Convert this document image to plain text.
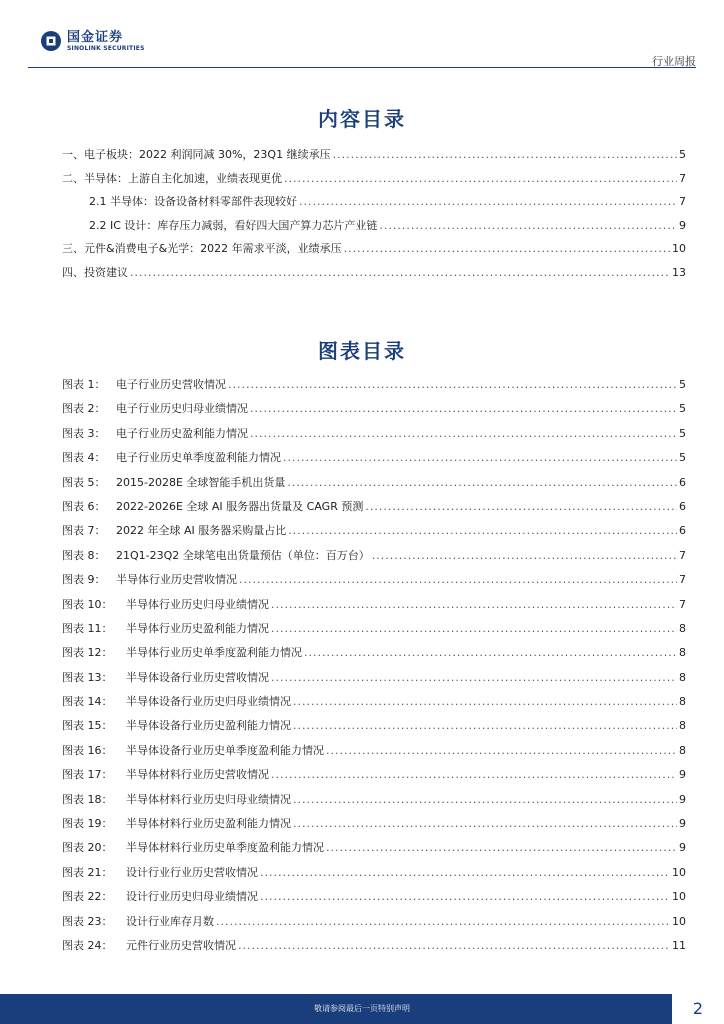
国金证券
SINOLINK SECURITIES
行业周报
内容目录
一、电子板块：2022 利润同减 30%，23Q1 继续承压 .....	5
二、半导体：上游自主化加速，业绩表现更优 .....	7
2.1 半导体：设备设备材料零部件表现较好 .....	7
2.2 IC 设计：库存压力减弱，看好四大国产算力芯片产业链 .....	9
三、元件&消费电子&光学：2022 年需求平淡，业绩承压 .....	10
四、投资建议 .....	13
图表目录
图表 1： 电子行业历史营收情况 .....	5
图表 2： 电子行业历史归母业绩情况 .....	5
图表 3： 电子行业历史盈利能力情况 .....	5
图表 4： 电子行业历史单季度盈利能力情况 .....	5
图表 5： 2015-2028E 全球智能手机出货量 .....	6
图表 6： 2022-2026E 全球 AI 服务器出货量及 CAGR 预测 .....	6
图表 7： 2022 年全球 AI 服务器采购量占比 .....	6
图表 8： 21Q1-23Q2 全球笔电出货量预估（单位：百万台） .....	7
图表 9： 半导体行业历史营收情况 .....	7
图表 10：	半导体行业历史归母业绩情况 .....	7
图表 11：	半导体行业历史盈利能力情况 .....	8
图表 12：	半导体行业历史单季度盈利能力情况 .....	8
图表 13：	半导体设备行业历史营收情况 .....	8
图表 14：	半导体设备行业历史归母业绩情况 .....	8
图表 15：	半导体设备行业历史盈利能力情况 .....	8
图表 16：	半导体设备行业历史单季度盈利能力情况 .....	8
图表 17：	半导体材料行业历史营收情况 .....	9
图表 18：	半导体材料行业历史归母业绩情况 .....	9
图表 19：	半导体材料行业历史盈利能力情况 .....	9
图表 20：	半导体材料行业历史单季度盈利能力情况 .....	9
图表 21：	设计行业行业历史营收情况 .....	10
图表 22：	设计行业历史归母业绩情况 .....	10
图表 23：	设计行业库存月数 .....	10
图表 24：	元件行业历史营收情况 .....	11
敬请参阅最后一页特别声明	2
